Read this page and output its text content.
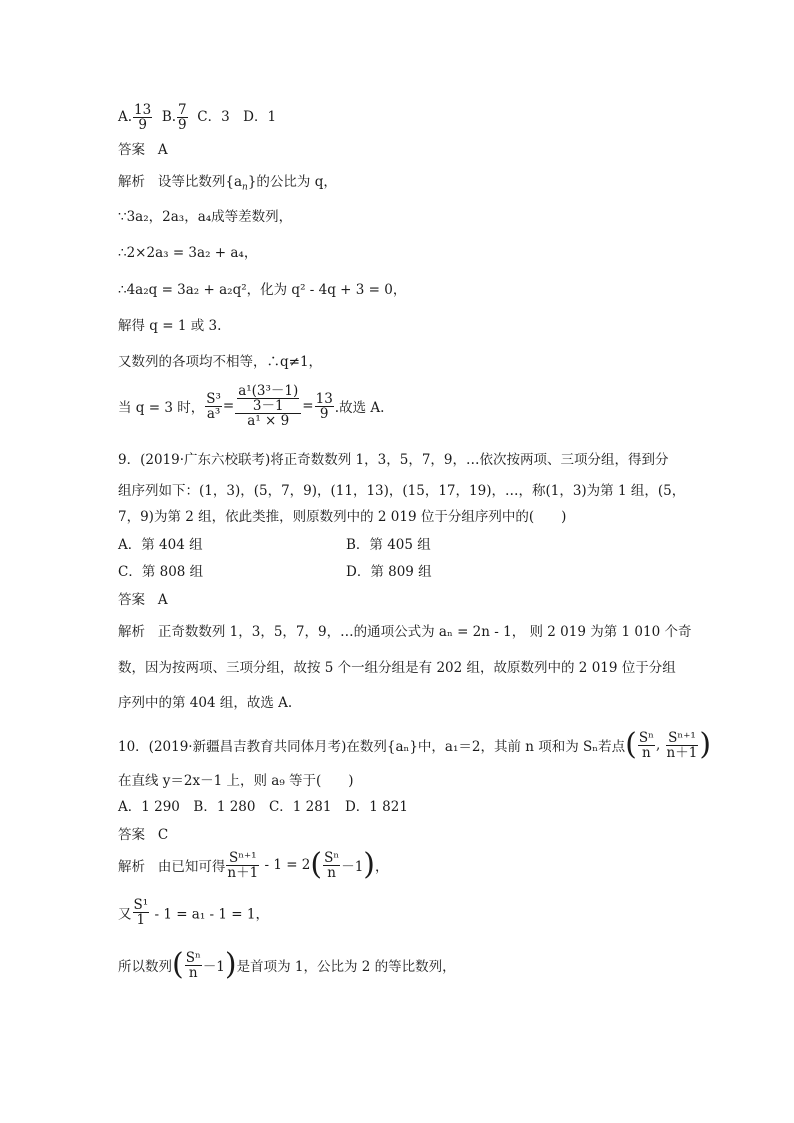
A. $\frac{13}{9} B$. $\frac{7}{9}$ C．3　D．1
答案 A
解析 设等比数列$\{a_n\}$的公比为 q，
∵3a₂，2a₃，a₄成等差数列，
∴2×2a₃ = 3a₂ + a₄，
∴4a₂q = 3a₂ + a₂q²，化为 q² - 4q + 3 = 0，
解得 q = 1 或 3.
又数列的各项均不相等，∴q≠1，
当 q = 3 时， $\frac{\text{S³}}{\text{a³}} = \frac{\frac{\text{a¹(3³－1)}}{3-1}}{\text{a¹ × 9}} = \frac{13}{9}$ .故选 A.
9．(2019·广东六校联考)将正奇数数列 1，3，5，7，9，…依次按两项、三项分组，得到分
组序列如下：(1，3)，(5，7，9)，(11，13)，(15，17，19)，…，称(1，3)为第 1 组，(5，
7，9)为第 2 组，依此类推，则原数列中的 2 019 位于分组序列中的(　　)
A．第 404 组	B．第 405 组
C．第 808 组	D．第 809 组
答案 A
解析 正奇数数列 1，3，5，7，9，…的通项公式为 aₙ = 2n - 1， 则 2 019 为第 1 010 个奇
数，因为按两项、三项分组，故按 5 个一组分组是有 202 组，故原数列中的 2 019 位于分组
序列中的第 404 组，故选 A.
10．(2019·新疆昌吉教育共同体月考)在数列{aₙ}中，a₁＝2，其前 n 项和为 Sₙ若点( $\frac{\text{Sⁿ}}{n}$ , $\frac{\text{Sⁿ⁺¹}}{n+1}$ )
在直线 y＝2x－1 上，则 a₉ 等于(　　)
A．1 290　B．1 280　C．1 281　D．1 821
答案 C
解析 由已知可得 $\frac{\text{Sⁿ⁺¹}}{n+1} - 1 = 2( \frac{\text{Sⁿ}}{n} -1)$，
又 $\frac{\text{S¹}}{1} - 1 = a_1 - 1 = 1$，
所以数列( $\frac{\text{Sⁿ}}{n} -1$)是首项为 1，公比为 2 的等比数列，
